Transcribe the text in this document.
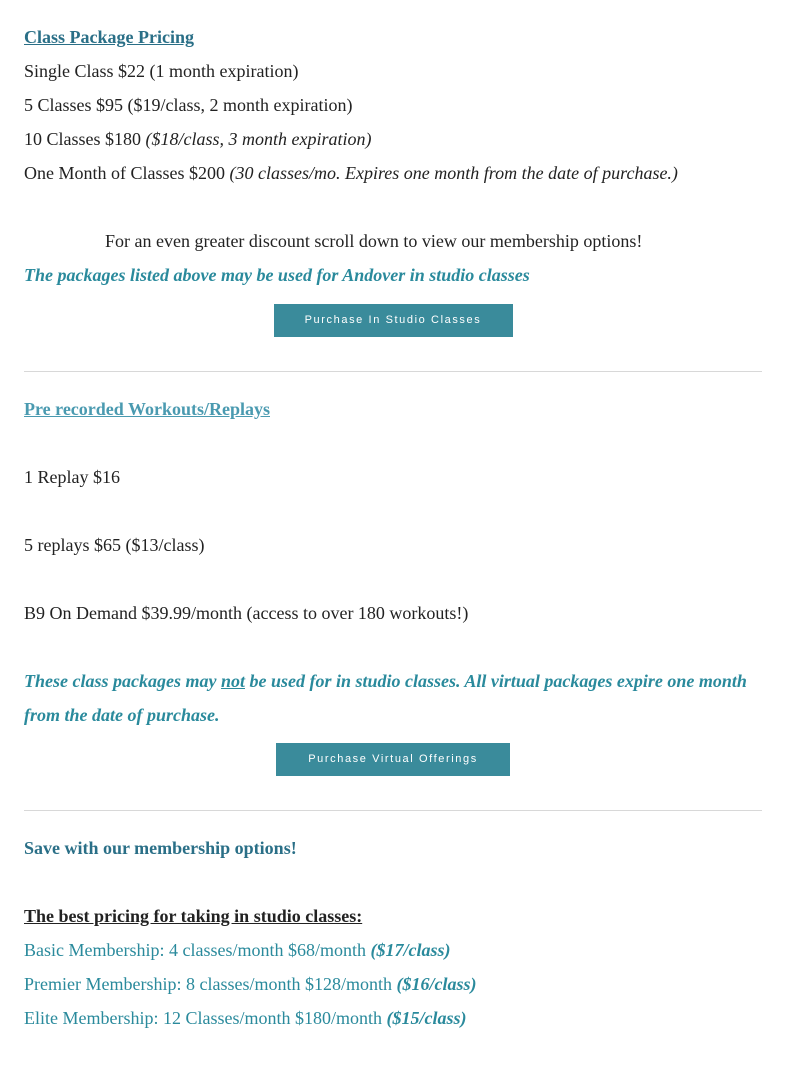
Class Package Pricing

Single Class $22 (1 month expiration)

5 Classes $95 ($19/class, 2 month expiration)

10 Classes $180 ($18/class, 3 month expiration)

One Month of Classes $200 (30 classes/mo. Expires one month from the date of purchase.)

For an even greater discount scroll down to view our membership options!

The packages listed above may be used for Andover in studio classes

Purchase In Studio Classes

Pre recorded Workouts/Replays

1 Replay $16

5 replays $65 ($13/class)

B9 On Demand $39.99/month (access to over 180 workouts!)

These class packages may not be used for in studio classes. All virtual packages expire one month from the date of purchase.

Purchase Virtual Offerings

Save with our membership options!

The best pricing for taking in studio classes:

Basic Membership: 4 classes/month $68/month ($17/class)

Premier Membership: 8 classes/month $128/month ($16/class)

Elite Membership: 12 Classes/month $180/month ($15/class)
